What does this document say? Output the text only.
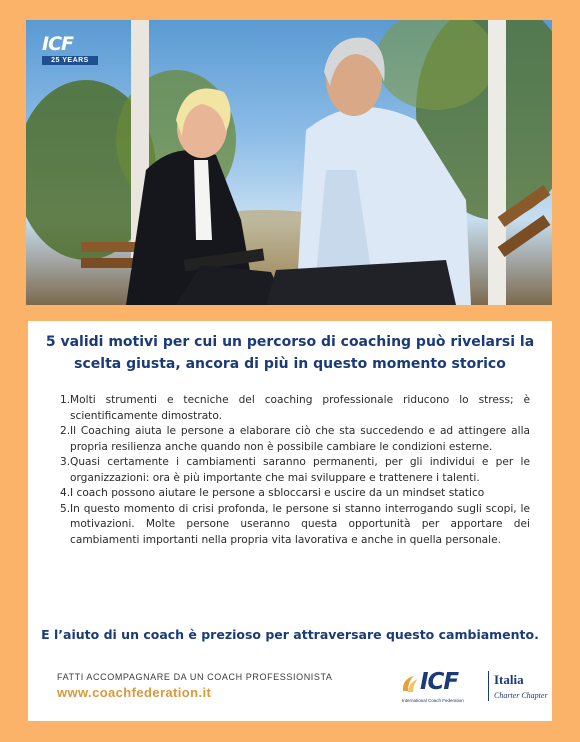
ICF
25 YEARS
5 validi motivi per cui un percorso di coaching può rivelarsi la scelta giusta, ancora di più in questo momento storico
1. Molti strumenti e tecniche del coaching professionale riducono lo stress; è scientificamente dimostrato.
2. Il Coaching aiuta le persone a elaborare ciò che sta succedendo e ad attingere alla propria resilienza anche quando non è possibile cambiare le condizioni esterne.
3. Quasi certamente i cambiamenti saranno permanenti, per gli individui e per le organizzazioni: ora è più importante che mai sviluppare e trattenere i talenti.
4. I coach possono aiutare le persone a sbloccarsi e uscire da un mindset statico
5. In questo momento di crisi profonda, le persone si stanno interrogando sugli scopi, le motivazioni. Molte persone useranno questa opportunità per apportare dei cambiamenti importanti nella propria vita lavorativa e anche in quella personale.

E l’aiuto di un coach è prezioso per attraversare questo cambiamento.

FATTI ACCOMPAGNARE DA UN COACH PROFESSIONISTA
www.coachfederation.it	ICF
International Coach Federation
Italia
Charter Chapter
